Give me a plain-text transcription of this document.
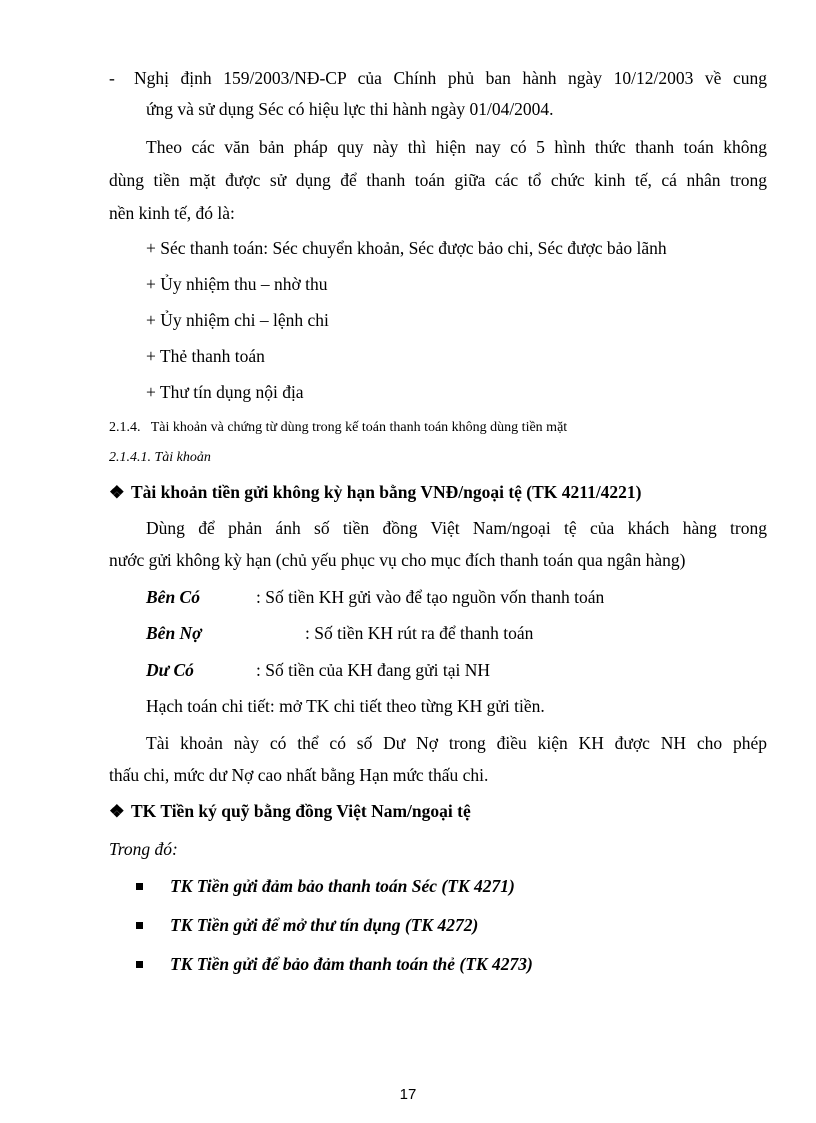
- Nghị định 159/2003/NĐ-CP của Chính phủ ban hành ngày 10/12/2003 về cung
ứng và sử dụng Séc có hiệu lực thi hành ngày 01/04/2004.
Theo các văn bản pháp quy này thì hiện nay có 5 hình thức thanh toán không
dùng tiền mặt được sử dụng để thanh toán giữa các tổ chức kinh tế, cá nhân trong
nền kinh tế, đó là:
+ Séc thanh toán: Séc chuyển khoản, Séc được bảo chi, Séc được bảo lãnh
+ Ủy nhiệm thu – nhờ thu
+ Ủy nhiệm chi – lệnh chi
+ Thẻ thanh toán
+ Thư tín dụng nội địa
2.1.4.   Tài khoản và chứng từ dùng trong kế toán thanh toán không dùng tiền mặt
2.1.4.1. Tài khoản
❖ Tài khoản tiền gửi không kỳ hạn bằng VNĐ/ngoại tệ (TK 4211/4221)
Dùng để phản ánh số tiền đồng Việt Nam/ngoại tệ của khách hàng trong
nước gửi không kỳ hạn (chủ yếu phục vụ cho mục đích thanh toán qua ngân hàng)
Bên Có	: Số tiền KH gửi vào để tạo nguồn vốn thanh toán
Bên Nợ	: Số tiền KH rút ra để thanh toán
Dư Có	: Số tiền của KH đang gửi tại NH
Hạch toán chi tiết: mở TK chi tiết theo từng KH gửi tiền.
Tài khoản này có thể có số Dư Nợ trong điều kiện KH được NH cho phép
thấu chi, mức dư Nợ cao nhất bằng Hạn mức thấu chi.
❖ TK Tiền ký quỹ bằng đồng Việt Nam/ngoại tệ
Trong đó:
TK Tiền gửi đảm bảo thanh toán Séc (TK 4271)
TK Tiền gửi để mở thư tín dụng (TK 4272)
TK Tiền gửi để bảo đảm thanh toán thẻ (TK 4273)
17
